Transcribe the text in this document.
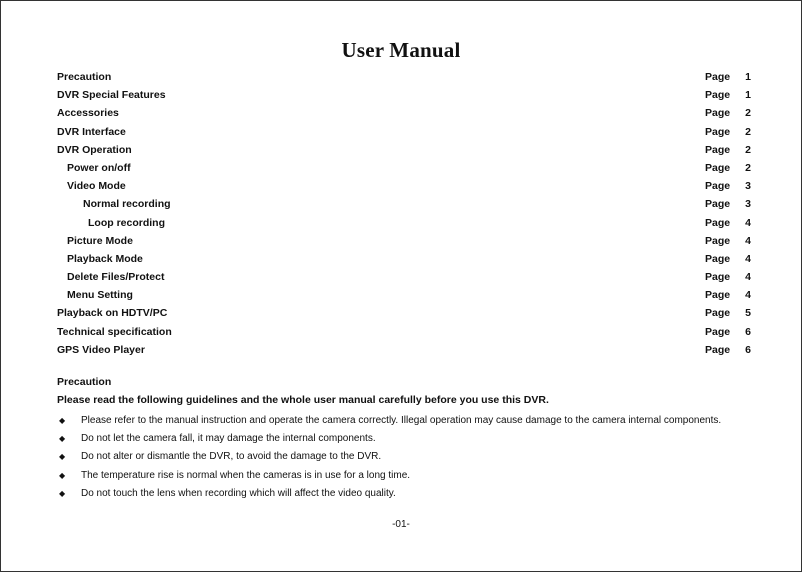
User Manual
Precaution	Page 1
DVR Special Features	Page 1
Accessories	Page 2
DVR Interface	Page 2
DVR Operation	Page 2
Power on/off	Page 2
Video Mode	Page 3
Normal recording	Page 3
Loop recording	Page 4
Picture Mode	Page 4
Playback Mode	Page 4
Delete Files/Protect	Page 4
Menu Setting	Page 4
Playback on HDTV/PC	Page 5
Technical specification	Page 6
GPS Video Player	Page 6
Precaution
Please read the following guidelines and the whole user manual carefully before you use this DVR.
◆ Please refer to the manual instruction and operate the camera correctly. Illegal operation may cause damage to the camera internal components.
◆ Do not let the camera fall, it may damage the internal components.
◆ Do not alter or dismantle the DVR, to avoid the damage to the DVR.
◆ The temperature rise is normal when the cameras is in use for a long time.
◆ Do not touch the lens when recording which will affect the video quality.
-01-
